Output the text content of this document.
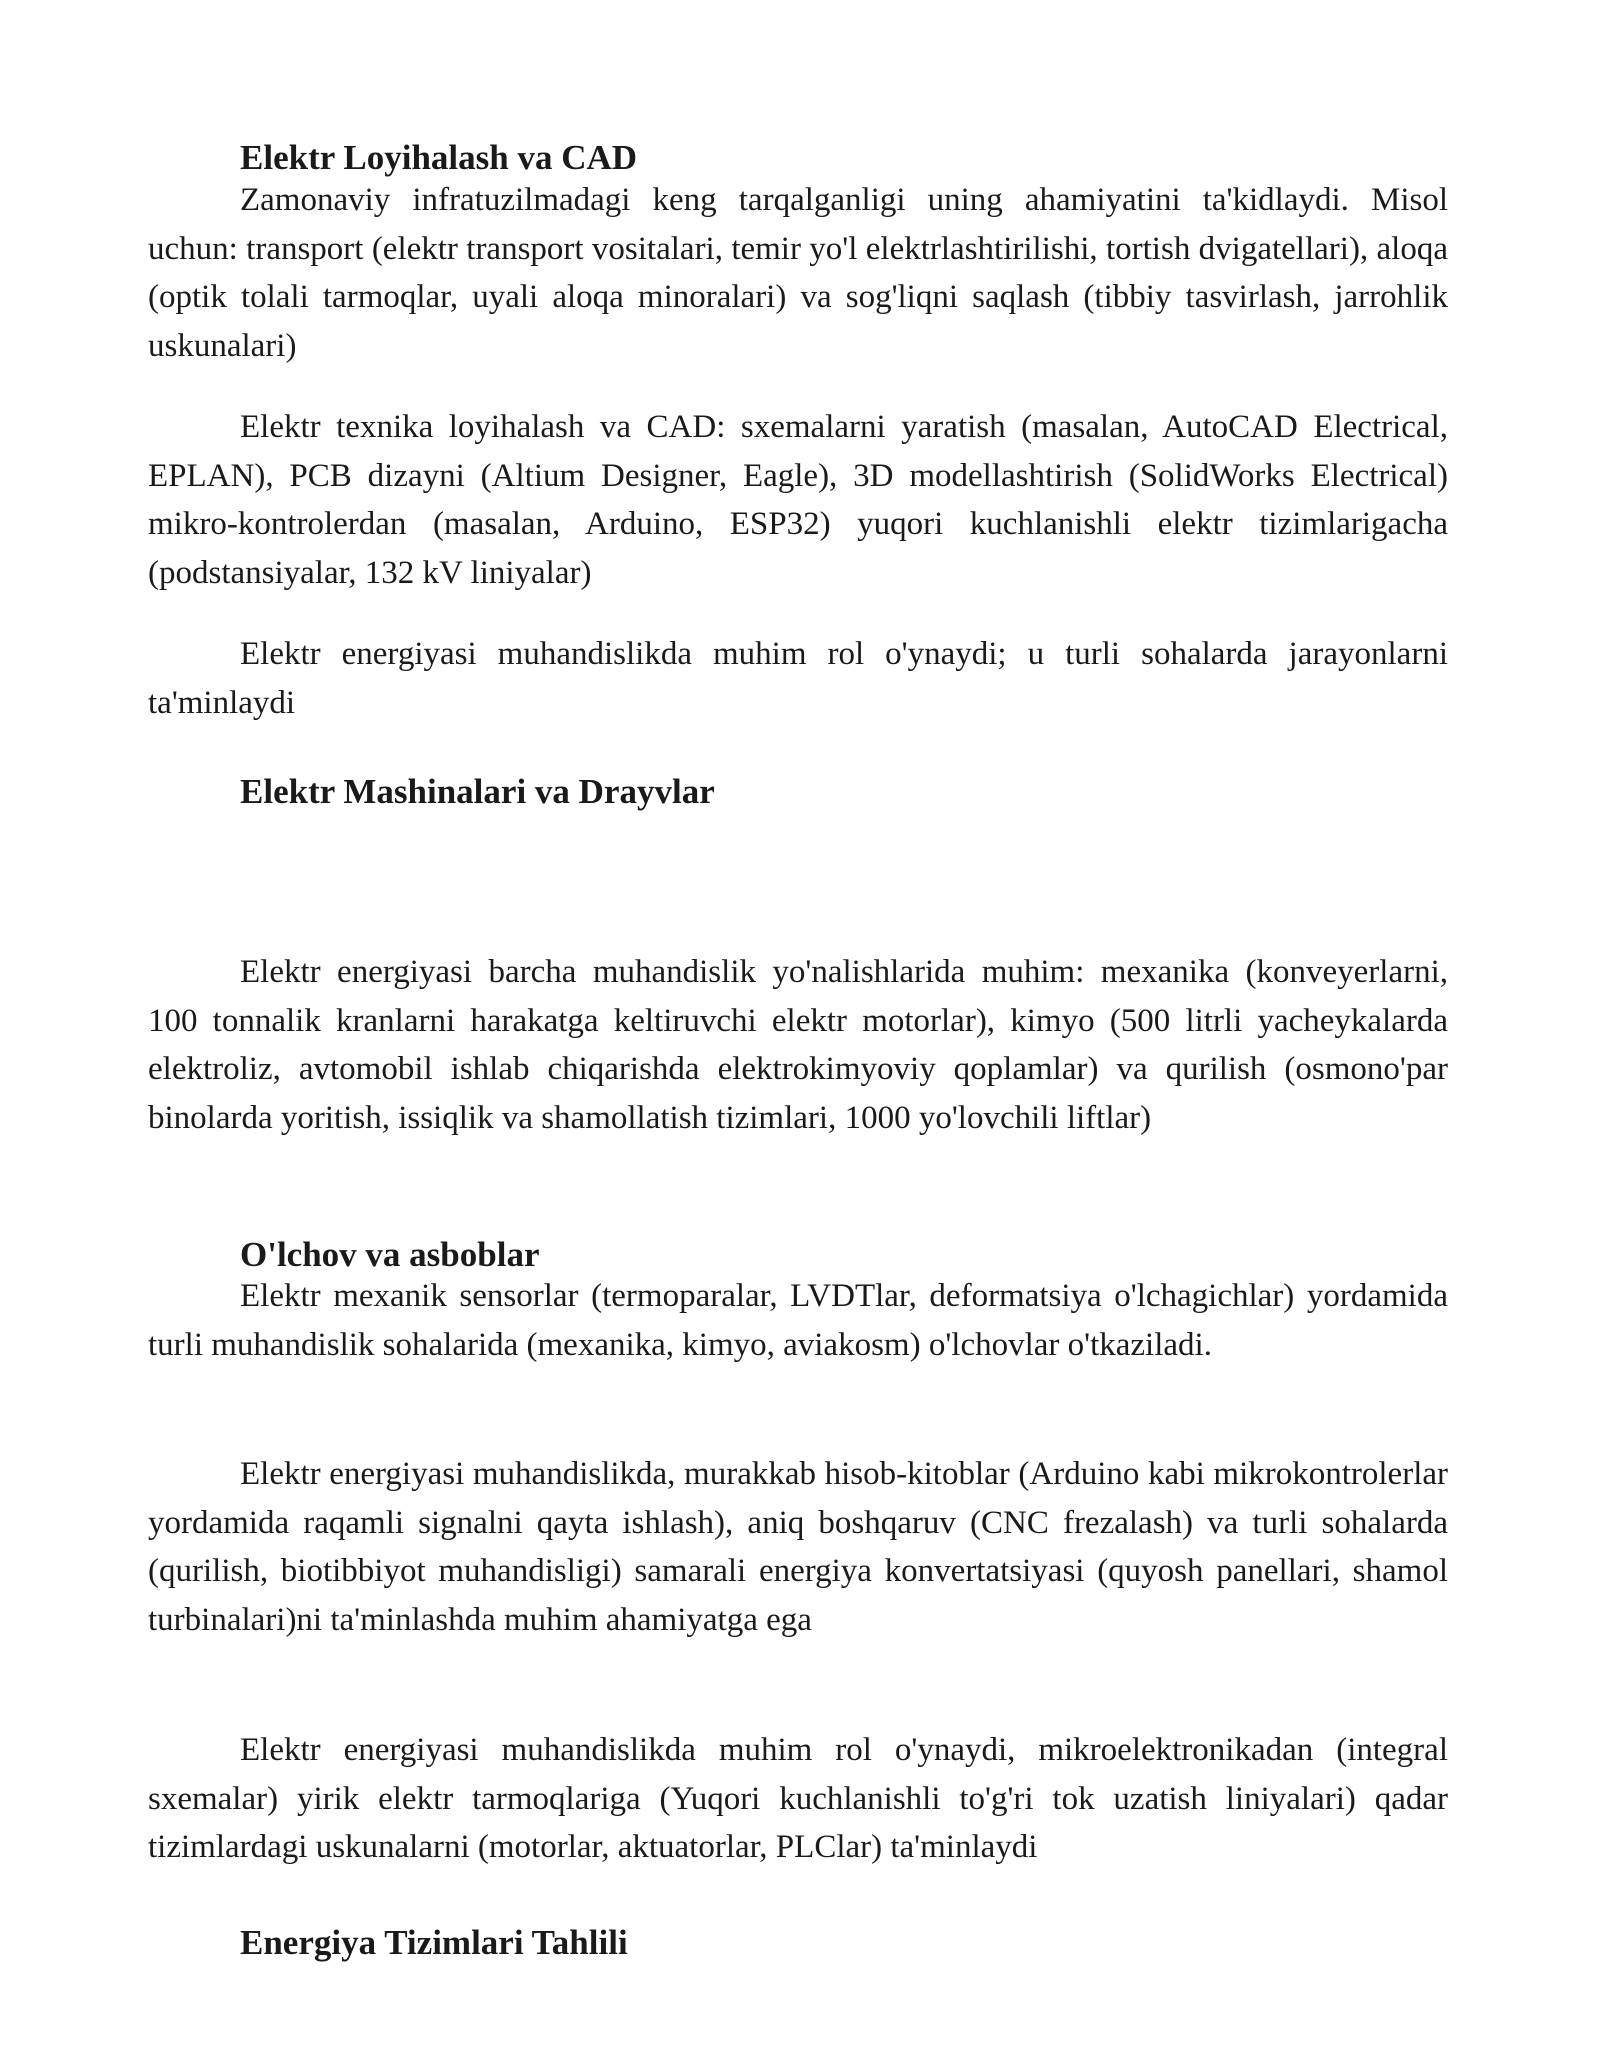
Elektr Loyihalash va CAD

Zamonaviy infratuzilmadagi keng tarqalganligi uning ahamiyatini ta'kidlaydi. Misol uchun: transport (elektr transport vositalari, temir yo'l elektrlashtirilishi, tortish dvigatellari), aloqa (optik tolali tarmoqlar, uyali aloqa minoralari) va sog'liqni saqlash (tibbiy tasvirlash, jarrohlik uskunalari)

Elektr texnika loyihalash va CAD: sxemalarni yaratish (masalan, AutoCAD Electrical, EPLAN), PCB dizayni (Altium Designer, Eagle), 3D modellashtirish (SolidWorks Electrical) mikro-kontrolerdan (masalan, Arduino, ESP32) yuqori kuchlanishli elektr tizimlarigacha (podstansiyalar, 132 kV liniyalar)

Elektr energiyasi muhandislikda muhim rol o'ynaydi; u turli sohalarda jarayonlarni ta'minlaydi

Elektr Mashinalari va Drayvlar

Elektr energiyasi barcha muhandislik yo'nalishlarida muhim: mexanika (konveyerlarni, 100 tonnalik kranlarni harakatga keltiruvchi elektr motorlar), kimyo (500 litrli yacheykalarda elektroliz, avtomobil ishlab chiqarishda elektrokimyoviy qoplamlar) va qurilish (osmono'par binolarda yoritish, issiqlik va shamollatish tizimlari, 1000 yo'lovchili liftlar)

O'lchov va asboblar

Elektr mexanik sensorlar (termoparalar, LVDTlar, deformatsiya o'lchagichlar) yordamida turli muhandislik sohalarida (mexanika, kimyo, aviakosm) o'lchovlar o'tkaziladi.

Elektr energiyasi muhandislikda, murakkab hisob-kitoblar (Arduino kabi mikrokontrolerlar yordamida raqamli signalni qayta ishlash), aniq boshqaruv (CNC frezalash) va turli sohalarda (qurilish, biotibbiyot muhandisligi) samarali energiya konvertatsiyasi (quyosh panellari, shamol turbinalari)ni ta'minlashda muhim ahamiyatga ega

Elektr energiyasi muhandislikda muhim rol o'ynaydi, mikroelektronikadan (integral sxemalar) yirik elektr tarmoqlariga (Yuqori kuchlanishli to'g'ri tok uzatish liniyalari) qadar tizimlardagi uskunalarni (motorlar, aktuatorlar, PLClar) ta'minlaydi

Energiya Tizimlari Tahlili
